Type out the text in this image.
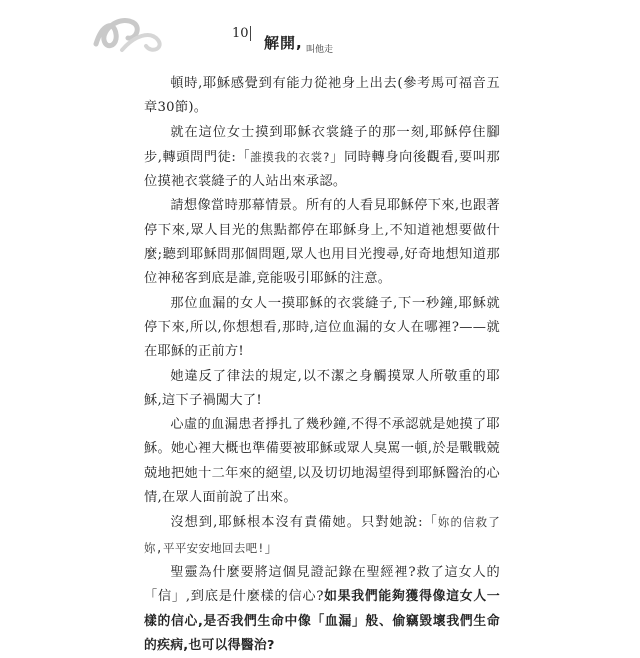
10
解開, 叫他走

頓時,耶穌感覺到有能力從祂身上出去(參考馬可福音五章30節)。

就在這位女士摸到耶穌衣裳縫子的那一刻,耶穌停住腳步,轉頭問門徒:「誰摸我的衣裳?」同時轉身向後觀看,要叫那位摸祂衣裳縫子的人站出來承認。

請想像當時那幕情景。所有的人看見耶穌停下來,也跟著停下來,眾人目光的焦點都停在耶穌身上,不知道祂想要做什麼;聽到耶穌問那個問題,眾人也用目光搜尋,好奇地想知道那位神秘客到底是誰,竟能吸引耶穌的注意。

那位血漏的女人一摸耶穌的衣裳縫子,下一秒鐘,耶穌就停下來,所以,你想想看,那時,這位血漏的女人在哪裡?——就在耶穌的正前方!

她違反了律法的規定,以不潔之身觸摸眾人所敬重的耶穌,這下子禍闖大了!

心虛的血漏患者掙扎了幾秒鐘,不得不承認就是她摸了耶穌。她心裡大概也準備要被耶穌或眾人臭罵一頓,於是戰戰兢兢地把她十二年來的絕望,以及切切地渴望得到耶穌醫治的心情,在眾人面前說了出來。

沒想到,耶穌根本沒有責備她。只對她說:「妳的信救了妳,平平安安地回去吧!」

聖靈為什麼要將這個見證記錄在聖經裡?救了這女人的「信」,到底是什麼樣的信心?如果我們能夠獲得像這女人一樣的信心,是否我們生命中像「血漏」般、偷竊毀壞我們生命的疾病,也可以得醫治?
